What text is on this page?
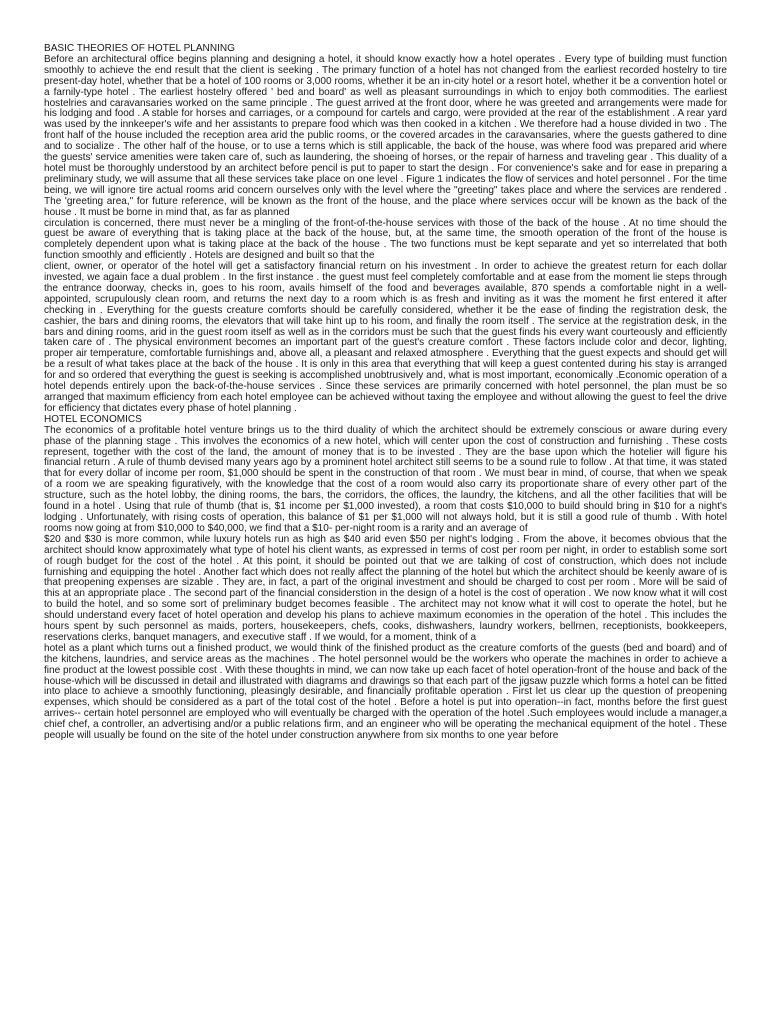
BASIC THEORIES OF HOTEL PLANNING

Before an architectural office begins planning and designing a hotel, it should know exactly how a hotel operates . Every type of building must function smoothly to achieve the end result that the client is seeking . The primary function of a hotel has not changed from the earliest recorded hostelry to tire present-day hotel, whether that be a hotel of 100 rooms or 3,000 rooms, whether it be an in-city hotel or a resort hotel, whether it be a convention hotel or a farnily-type hotel . The earliest hostelry offered ' bed and board' as well as pleasant surroundings in which to enjoy both commodities. The earliest hostelries and caravansaries worked on the same principle . The guest arrived at the front door, where he was greeted and arrangements were made for his lodging and food . A stable for horses and carriages, or a compound for cartels and cargo, were provided at the rear of the establishment . A rear yard was used by the innkeeper's wife and her assistants to prepare food which was then cooked in a kitchen . We therefore had a house divided in two . The front half of the house included the reception area arid the public rooms, or the covered arcades in the caravansaries, where the guests gathered to dine and to socialize . The other half of the house, or to use a terns which is still applicable, the back of the house, was where food was prepared arid where the guests' service amenities were taken care of, such as laundering, the shoeing of horses, or the repair of harness and traveling gear . This duality of a hotel must be thoroughly understood by an architect before pencil is put to paper to start the design . For convenience's sake and for ease in preparing a preliminary study, we will assume that all these services take place on one level . Figure 1 indicates the flow of services and hotel personnel . For the time being, we will ignore tire actual rooms arid concern ourselves only with the level where the "greeting" takes place and where the services are rendered . The 'greeting area," for future reference, will be known as the front of the house, and the place where services occur will be known as the back of the house . It must be borne in mind that, as far as planned

circulation is concerned, there must never be a mingling of the front-of-the-house services with those of the back of the house . At no time should the guest be aware of everything that is taking place at the back of the house, but, at the same time, the smooth operation of the front of the house is completely dependent upon what is taking place at the back of the house . The two functions must be kept separate and yet so interrelated that both function smoothly and efficiently . Hotels are designed and built so that the

client, owner, or operator of the hotel will get a satisfactory financial return on his investment . In order to achieve the greatest return for each dollar invested, we again face a dual problem . In the first instance . the guest must feel completely comfortable and at ease from the moment lie steps through the entrance doorway, checks in, goes to his room, avails himself of the food and beverages available, 870 spends a comfortable night in a well-appointed, scrupulously clean room, and returns the next day to a room which is as fresh and inviting as it was the moment he first entered it after checking in . Everything for the guests creature comforts should be carefully considered, whether it be the ease of finding the registration desk, the cashier, the bars and dining rooms, the elevators that will take hint up to his room, and finally the room itself . The service at the registration desk, in the bars and dining rooms, arid in the guest room itself as well as in the corridors must be such that the guest finds his every want courteously and efficiently taken care of . The physical environment becomes an important part of the guest's creature comfort . These factors include color and decor, lighting, proper air temperature, comfortable furnishings and, above all, a pleasant and relaxed atmosphere . Everything that the guest expects and should get will be a result of what takes place at the back of the house . It is only in this area that everything that will keep a guest contented during his stay is arranged for and so ordered that everything the guest is seeking is accomplished unobtrusively and, what is most important, economically .Economic operation of a hotel depends entirely upon the back-of-the-house services . Since these services are primarily concerned with hotel personnel, the plan must be so arranged that maximum efficiency from each hotel employee can be achieved without taxing the employee and without allowing the guest to feel the drive for efficiency that dictates every phase of hotel planning .

HOTEL ECONOMICS

The economics of a profitable hotel venture brings us to the third duality of which the architect should be extremely conscious or aware during every phase of the planning stage . This involves the economics of a new hotel, which will center upon the cost of construction and furnishing . These costs represent, together with the cost of the land, the amount of money that is to be invested . They are the base upon which the hotelier will figure his financial return . A rule of thumb devised many years ago by a prominent hotel architect still seems to be a sound rule to follow . At that time, it was stated that for every dollar of income per room, $1,000 should be spent in the construction of that room . We must bear in mind, of course, that when we speak of a room we are speaking figuratively, with the knowledge that the cost of a room would also carry its proportionate share of every other part of the structure, such as the hotel lobby, the dining rooms, the bars, the corridors, the offices, the laundry, the kitchens, and all the other facilities that will be found in a hotel . Using that rule of thumb (that is, $1 income per $1,000 invested), a room that costs $10,000 to build should bring in $10 for a night's lodging . Unfortunately, with rising costs of operation, this balance of $1 per $1,000 will not always hold, but it is still a good rule of thumb . With hotel rooms now going at from $10,000 to $40,000, we find that a $10- per-night room is a rarity and an average of

$20 and $30 is more common, while luxury hotels run as high as $40 arid even $50 per night's lodging . From the above, it becomes obvious that the architect should know approximately what type of hotel his client wants, as expressed in terms of cost per room per night, in order to establish some sort of rough budget for the cost of the hotel . At this point, it should be pointed out that we are talking of cost of construction, which does not include furnishing and equipping the hotel . Another fact which does not really affect the planning of the hotel but which the architect should be keenly aware of is that preopening expenses are sizable . They are, in fact, a part of the original investment and should be charged to cost per room . More will be said of this at an appropriate place . The second part of the financial considerstion in the design of a hotel is the cost of operation . We now know what it will cost to build the hotel, and so some sort of preliminary budget becomes feasible . The architect may not know what it will cost to operate the hotel, but he should understand every facet of hotel operation and develop his plans to achieve maximum economies in the operation of the hotel . This includes the hours spent by such personnel as maids, porters, housekeepers, chefs, cooks, dishwashers, laundry workers, bellrnen, receptionists, bookkeepers, reservations clerks, banquet managers, and executive staff . If we would, for a moment, think of a

hotel as a plant which turns out a finished product, we would think of the finished product as the creature comforts of the guests (bed and board) and of the kitchens, laundries, and service areas as the machines . The hotel personnel would be the workers who operate the machines in order to achieve a fine product at the lowest possible cost . With these thoughts in mind, we can now take up each facet of hotel operation-front of the house and back of the house-which will be discussed in detail and illustrated with diagrams and drawings so that each part of the jigsaw puzzle which forms a hotel can be fitted into place to achieve a smoothly functioning, pleasingly desirable, and financially profitable operation . First let us clear up the question of preopening expenses, which should be considered as a part of the total cost of the hotel . Before a hotel is put into operation--in fact, months before the first guest arrives-- certain hotel personnel are employed who will eventually be charged with the operation of the hotel .Such employees would include a manager,a chief chef, a controller, an advertising and/or a public relations firm, and an engineer who will be operating the mechanical equipment of the hotel . These people will usually be found on the site of the hotel under construction anywhere from six months to one year before
